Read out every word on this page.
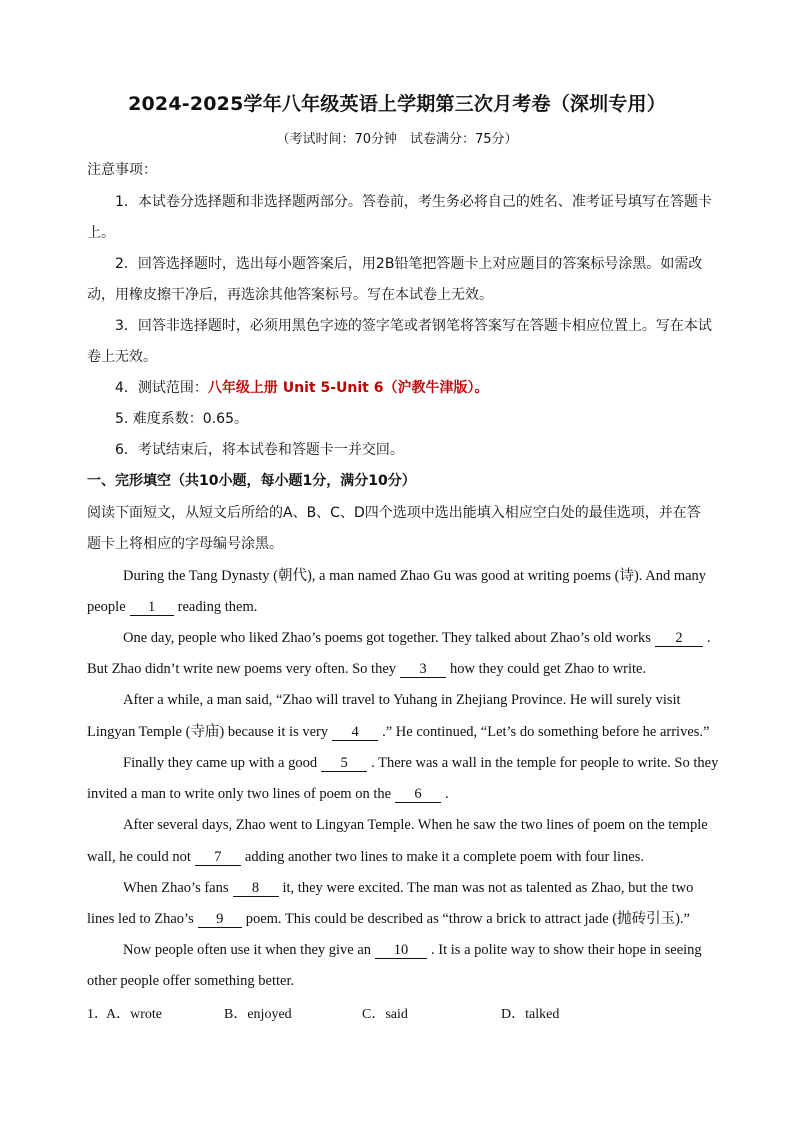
2024-2025学年八年级英语上学期第三次月考卷（深圳专用）
（考试时间：70分钟　试卷满分：75分）
注意事项：
1．本试卷分选择题和非选择题两部分。答卷前，考生务必将自己的姓名、准考证号填写在答题卡
上。
2．回答选择题时，选出每小题答案后，用2B铅笔把答题卡上对应题目的答案标号涂黑。如需改
动，用橡皮擦干净后，再选涂其他答案标号。写在本试卷上无效。
3．回答非选择题时，必须用黑色字迹的签字笔或者钢笔将答案写在答题卡相应位置上。写在本试
卷上无效。
4．测试范围：八年级上册 Unit 5-Unit 6（沪教牛津版）。
5. 难度系数：0.65。
6．考试结束后，将本试卷和答题卡一并交回。
一、完形填空（共10小题，每小题1分，满分10分）
阅读下面短文，从短文后所给的A、B、C、D四个选项中选出能填入相应空白处的最佳选项，并在答
题卡上将相应的字母编号涂黑。
During the Tang Dynasty (朝代), a man named Zhao Gu was good at writing poems (诗). And many
people 1 reading them.
One day, people who liked Zhao’s poems got together. They talked about Zhao’s old works 2 .
But Zhao didn’t write new poems very often. So they 3 how they could get Zhao to write.
After a while, a man said, “Zhao will travel to Yuhang in Zhejiang Province. He will surely visit
Lingyan Temple (寺庙) because it is very 4 .” He continued, “Let’s do something before he arrives.”
Finally they came up with a good 5 . There was a wall in the temple for people to write. So they
invited a man to write only two lines of poem on the 6 .
After several days, Zhao went to Lingyan Temple. When he saw the two lines of poem on the temple
wall, he could not 7 adding another two lines to make it a complete poem with four lines.
When Zhao’s fans 8 it, they were excited. The man was not as talented as Zhao, but the two
lines led to Zhao’s 9 poem. This could be described as “throw a brick to attract jade (抛砖引玉).”
Now people often use it when they give an 10 . It is a polite way to show their hope in seeing
other people offer something better.
1．
A．wrote	B．enjoyed	C．said	D．talked
